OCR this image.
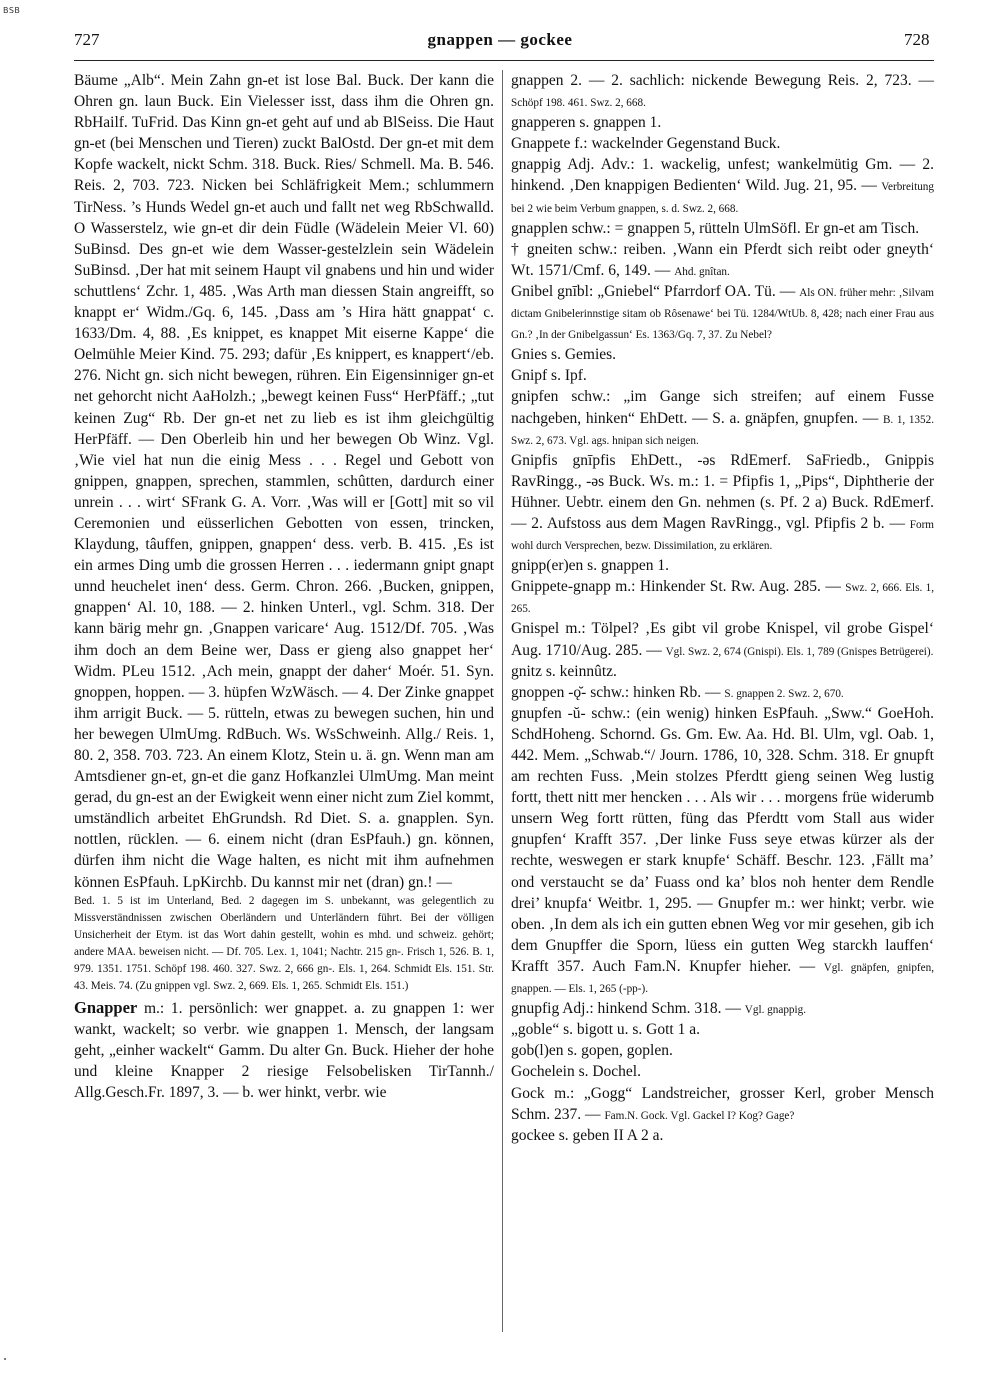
BSB
727	gnappen — gockee	728

Bäume „Alb“. Mein Zahn gn-et ist lose Bal. Buck. Der kann die Ohren gn. laun Buck. Ein Vielesser isst, dass ihm die Ohren gn. RbHailf. TuFrid. Das Kinn gn-et geht auf und ab BlSeiss. Die Haut gn-et (bei Menschen und Tieren) zuckt BalOstd. Der gn-et mit dem Kopfe wackelt, nickt Schm. 318. Buck. Ries/ Schmell. Ma. B. 546. Reis. 2, 703. 723. Nicken bei Schläfrigkeit Mem.; schlummern TirNess. ’s Hunds Wedel gn-et auch und fallt net weg RbSchwalld. O Wasserstelz, wie gn-et dir dein Füdle (Wädelein Meier Vl. 60) SuBinsd. Des gn-et wie dem Wasser-gestelzlein sein Wädelein SuBinsd. ‚Der hat mit seinem Haupt vil gnabens und hin und wider schuttlens‘ Zchr. 1, 485. ‚Was Arth man diessen Stain angreifft, so knappt er‘ Widm./Gq. 6, 145. ‚Dass am ’s Hira hätt gnappat‘ c. 1633/Dm. 4, 88. ‚Es knippet, es knappet Mit eiserne Kappe‘ die Oelmühle Meier Kind. 75. 293; dafür ‚Es knippert, es knappert‘/eb. 276. Nicht gn. sich nicht bewegen, rühren. Ein Eigensinniger gn-et net gehorcht nicht AaHolzh.; „bewegt keinen Fuss“ HerPfäff.; „tut keinen Zug“ Rb. Der gn-et net zu lieb es ist ihm gleichgültig HerPfäff. — Den Oberleib hin und her bewegen Ob Winz. Vgl. ‚Wie viel hat nun die einig Mess . . . Regel und Gebott von gnippen, gnappen, sprechen, stammlen, schûtten, dardurch einer unrein . . . wirt‘ SFrank G. A. Vorr. ‚Was will er [Gott] mit so vil Ceremonien und eüsserlichen Gebotten von essen, trincken, Klaydung, tâuffen, gnippen, gnappen‘ dess. verb. B. 415. ‚Es ist ein armes Ding umb die grossen Herren . . . iedermann gnipt gnapt unnd heuchelet inen‘ dess. Germ. Chron. 266. ‚Bucken, gnippen, gnappen‘ Al. 10, 188. — 2. hinken Unterl., vgl. Schm. 318. Der kann bärig mehr gn. ‚Gnappen varicare‘ Aug. 1512/Df. 705. ‚Was ihm doch an dem Beine wer, Dass er gieng also gnappet her‘ Widm. PLeu 1512. ‚Ach mein, gnappt der daher‘ Moér. 51. Syn. gnoppen, hoppen. — 3. hüpfen WzWäsch. — 4. Der Zinke gnappet ihm arrigit Buck. — 5. rütteln, etwas zu bewegen suchen, hin und her bewegen UlmUmg. RdBuch. Ws. WsSchweinh. Allg./ Reis. 1, 80. 2, 358. 703. 723. An einem Klotz, Stein u. ä. gn. Wenn man am Amtsdiener gn-et, gn-et die ganz Hofkanzlei UlmUmg. Man meint gerad, du gn-est an der Ewigkeit wenn einer nicht zum Ziel kommt, umständlich arbeitet EhGrundsh. Rd Diet. S. a. gnapplen. Syn. nottlen, rücklen. — 6. einem nicht (dran EsPfauh.) gn. können, dürfen ihm nicht die Wage halten, es nicht mit ihm aufnehmen können EsPfauh. LpKirchb. Du kannst mir net (dran) gn.! —

Bed. 1. 5 ist im Unterland, Bed. 2 dagegen im S. unbekannt, was gelegentlich zu Missverständnissen zwischen Oberländern und Unterländern führt. Bei der völligen Unsicherheit der Etym. ist das Wort dahin gestellt, wohin es mhd. und schweiz. gehört; andere MAA. beweisen nicht. — Df. 705. Lex. 1, 1041; Nachtr. 215 gn-. Frisch 1, 526. B. 1, 979. 1351. 1751. Schöpf 198. 460. 327. Swz. 2, 666 gn-. Els. 1, 264. Schmidt Els. 151. Str. 43. Meis. 74. (Zu gnippen vgl. Swz. 2, 669. Els. 1, 265. Schmidt Els. 151.)

Gnapper m.: 1. persönlich: wer gnappet. a. zu gnappen 1: wer wankt, wackelt; so verbr. wie gnappen 1. Mensch, der langsam geht, „einher wackelt“ Gamm. Du alter Gn. Buck. Hieher der hohe und kleine Knapper 2 riesige Felsobelisken TirTannh./ Allg.Gesch.Fr. 1897, 3. — b. wer hinkt, verbr. wie

gnappen 2. — 2. sachlich: nickende Bewegung Reis. 2, 723. — Schöpf 198. 461. Swz. 2, 668.

gnapperen s. gnappen 1.

Gnappete f.: wackelnder Gegenstand Buck.

gnappig Adj. Adv.: 1. wackelig, unfest; wankelmütig Gm. — 2. hinkend. ‚Den knappigen Bedienten‘ Wild. Jug. 21, 95. — Verbreitung bei 2 wie beim Verbum gnappen, s. d. Swz. 2, 668.

gnapplen schw.: = gnappen 5, rütteln UlmSöfl. Er gn-et am Tisch.

† gneiten schw.: reiben. ‚Wann ein Pferdt sich reibt oder gneyth‘ Wt. 1571/Cmf. 6, 149. — Ahd. gnîtan.

Gnibel gnībl: „Gniebel“ Pfarrdorf OA. Tü. — Als ON. früher mehr: ‚Silvam dictam Gnibelerinnstige sitam ob Rôsenawe‘ bei Tü. 1284/WtUb. 8, 428; nach einer Frau aus Gn.? ‚In der Gnibelgassun‘ Es. 1363/Gq. 7, 37. Zu Nebel?

Gnies s. Gemies.

Gnipf s. Ipf.

gnipfen schw.: „im Gange sich streifen; auf einem Fusse nachgeben, hinken“ EhDett. — S. a. gnäpfen, gnupfen. — B. 1, 1352. Swz. 2, 673. Vgl. ags. hnipan sich neigen.

Gnipfis gnīpfis EhDett., -əs RdEmerf. SaFriedb., Gnippis RavRingg., -əs Buck. Ws. m.: 1. = Pfipfis 1, „Pips“, Diphtherie der Hühner. Uebtr. einem den Gn. nehmen (s. Pf. 2 a) Buck. RdEmerf. — 2. Aufstoss aus dem Magen RavRingg., vgl. Pfipfis 2 b. — Form wohl durch Versprechen, bezw. Dissimilation, zu erklären.

gnipp(er)en s. gnappen 1.

Gnippete-gnapp m.: Hinkender St. Rw. Aug. 285. — Swz. 2, 666. Els. 1, 265.

Gnispel m.: Tölpel? ‚Es gibt vil grobe Knispel, vil grobe Gispel‘ Aug. 1710/Aug. 285. — Vgl. Swz. 2, 674 (Gnispi). Els. 1, 789 (Gnispes Betrügerei).

gnitz s. keinnûtz.

gnoppen -ǫ̆- schw.: hinken Rb. — S. gnappen 2. Swz. 2, 670.

gnupfen -ŭ- schw.: (ein wenig) hinken EsPfauh. „Sww.“ GoeHoh. SchdHoheng. Schornd. Gs. Gm. Ew. Aa. Hd. Bl. Ulm, vgl. Oab. 1, 442. Mem. „Schwab.“/ Journ. 1786, 10, 328. Schm. 318. Er gnupft am rechten Fuss. ‚Mein stolzes Pferdtt gieng seinen Weg lustig fortt, thett nitt mer hencken . . . Als wir . . . morgens früe widerumb unsern Weg fortt rütten, füng das Pferdtt vom Stall aus wider gnupfen‘ Krafft 357. ‚Der linke Fuss seye etwas kürzer als der rechte, weswegen er stark knupfe‘ Schäff. Beschr. 123. ‚Fällt ma’ ond verstaucht se da’ Fuass ond ka’ blos noh henter dem Rendle drei’ knupfa‘ Weitbr. 1, 295. — Gnupfer m.: wer hinkt; verbr. wie oben. ‚In dem als ich ein gutten ebnen Weg vor mir gesehen, gib ich dem Gnupffer die Sporn, lüess ein gutten Weg starckh lauffen‘ Krafft 357. Auch Fam.N. Knupfer hieher. — Vgl. gnäpfen, gnipfen, gnappen. — Els. 1, 265 (-pp-).

gnupfig Adj.: hinkend Schm. 318. — Vgl. gnappig.

„goble“ s. bigott u. s. Gott 1 a.

gob(l)en s. gopen, goplen.

Gochelein s. Dochel.

Gock m.: „Gogg“ Landstreicher, grosser Kerl, grober Mensch Schm. 237. — Fam.N. Gock. Vgl. Gackel I? Kog? Gage?

gockee s. geben II A 2 a.
